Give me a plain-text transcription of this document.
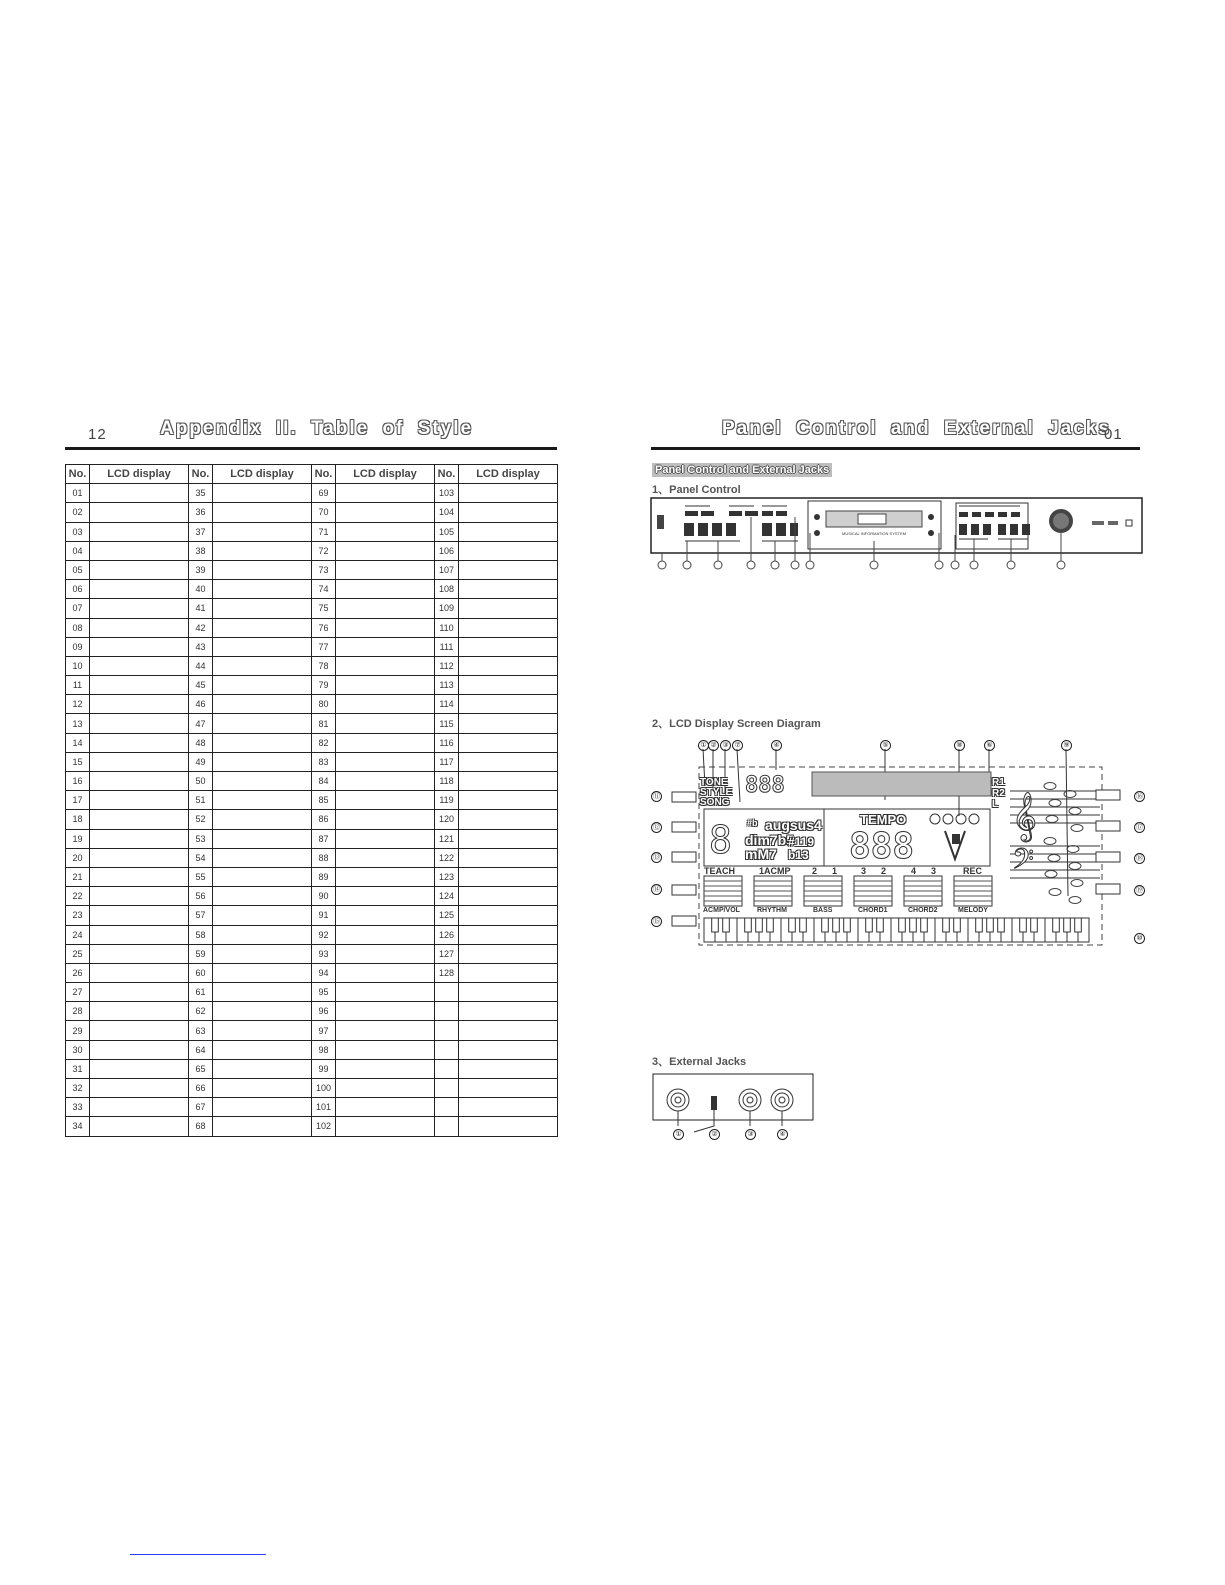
12	Appendix II. Table of Style
No.	LCD display	No.	LCD display	No.	LCD display	No.	LCD display
01		35		69		103	
02		36		70		104	
03		37		71		105	
04		38		72		106	
05		39		73		107	
06		40		74		108	
07		41		75		109	
08		42		76		110	
09		43		77		111	
10		44		78		112	
11		45		79		113	
12		46		80		114	
13		47		81		115	
14		48		82		116	
15		49		83		117	
16		50		84		118	
17		51		85		119	
18		52		86		120	
19		53		87		121	
20		54		88		122	
21		55		89		123	
22		56		90		124	
23		57		91		125	
24		58		92		126	
25		59		93		127	
26		60		94		128	
27		61		95			
28		62		96			
29		63		97			
30		64		98			
31		65		99			
32		66		100			
33		67		101			
34		68		102			
Panel Control and External Jacks
01
Panel Control and External Jacks
1、Panel Control
MUSICAL INFORMATION SYSTEM
2、LCD Display Screen Diagram
888
8	888
𝄞
𝄢
① ② ③ ⑦	④	⑤	⑧	⑥	⑨
⑪
⑫
⑬
⑭
⑮
⑯
⑰
⑱
⑲
⑩
TONE
STYLE
SONG
R1
R2
L
#b augsus4
dim7b5
mM7
#119
b13
TEMPO
TEACH	1ACMP 2 1	3 2	4 3	REC
ACMP/VOL RHYTHM	BASS	CHORD1	CHORD2	MELODY
3、External Jacks
①	②	③	④
